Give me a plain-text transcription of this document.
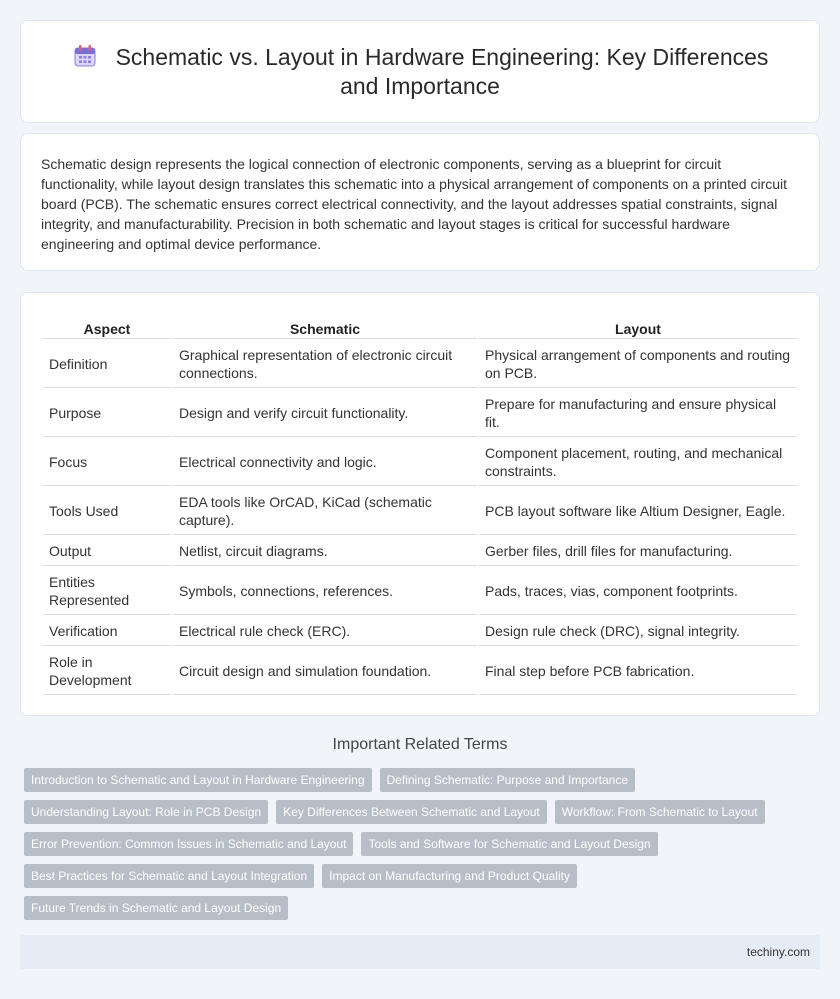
Schematic vs. Layout in Hardware Engineering: Key Differences and Importance

Schematic design represents the logical connection of electronic components, serving as a blueprint for circuit functionality, while layout design translates this schematic into a physical arrangement of components on a printed circuit board (PCB). The schematic ensures correct electrical connectivity, and the layout addresses spatial constraints, signal integrity, and manufacturability. Precision in both schematic and layout stages is critical for successful hardware engineering and optimal device performance.

Aspect	Schematic	Layout
Definition	Graphical representation of electronic circuit connections.	Physical arrangement of components and routing on PCB.
Purpose	Design and verify circuit functionality.	Prepare for manufacturing and ensure physical fit.
Focus	Electrical connectivity and logic.	Component placement, routing, and mechanical constraints.
Tools Used	EDA tools like OrCAD, KiCad (schematic capture).	PCB layout software like Altium Designer, Eagle.
Output	Netlist, circuit diagrams.	Gerber files, drill files for manufacturing.
Entities Represented	Symbols, connections, references.	Pads, traces, vias, component footprints.
Verification	Electrical rule check (ERC).	Design rule check (DRC), signal integrity.
Role in Development	Circuit design and simulation foundation.	Final step before PCB fabrication.
Important Related Terms
Introduction to Schematic and Layout in Hardware Engineering	Defining Schematic: Purpose and Importance
Understanding Layout: Role in PCB Design	Key Differences Between Schematic and Layout	Workflow: From Schematic to Layout
Error Prevention: Common Issues in Schematic and Layout	Tools and Software for Schematic and Layout Design
Best Practices for Schematic and Layout Integration	Impact on Manufacturing and Product Quality
Future Trends in Schematic and Layout Design
techiny.com
